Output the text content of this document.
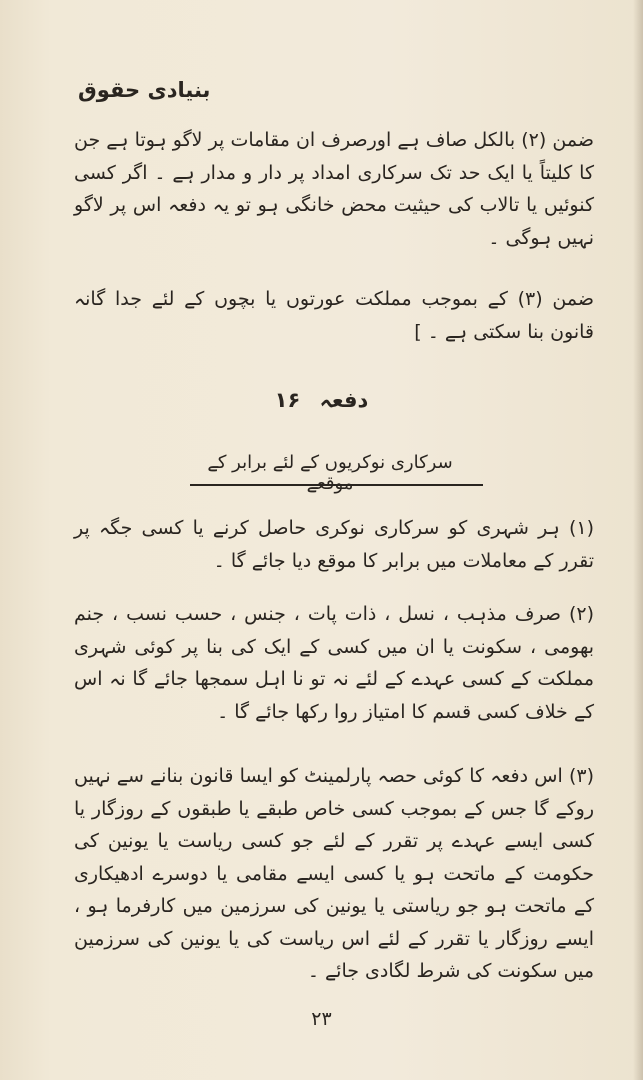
بنیادی حقوق

ضمن (۲) بالکل صاف ہے اورصرف ان مقامات پر لاگو ہوتا ہے جن کا کلیتاً یا ایک حد تک سرکاری امداد پر دار و مدار ہے ۔ اگر کسی کنوئیں یا تالاب کی حیثیت محض خانگی ہو تو یہ دفعہ اس پر لاگو نہیں ہوگی ۔

ضمن (۳) کے بموجب مملکت عورتوں یا بچوں کے لئے جدا گانہ قانون بنا سکتی ہے ۔ ]

دفعہ ۱۶
سرکاری نوکریوں کے لئے برابر کے موقعے

(۱) ہر شہری کو سرکاری نوکری حاصل کرنے یا کسی جگہ پر تقرر کے معاملات میں برابر کا موقع دیا جائے گا ۔

(۲) صرف مذہب ، نسل ، ذات پات ، جنس ، حسب نسب ، جنم بھومی ، سکونت یا ان میں کسی کے ایک کی بنا پر کوئی شہری مملکت کے کسی عہدے کے لئے نہ تو نا اہل سمجھا جائے گا نہ اس کے خلاف کسی قسم کا امتیاز روا رکھا جائے گا ۔

(۳) اس دفعہ کا کوئی حصہ پارلمینٹ کو ایسا قانون بنانے سے نہیں روکے گا جس کے بموجب کسی خاص طبقے یا طبقوں کے روزگار یا کسی ایسے عہدے پر تقرر کے لئے جو کسی ریاست یا یونین کی حکومت کے ماتحت ہو یا کسی ایسے مقامی یا دوسرے ادھیکاری کے ماتحت ہو جو ریاستی یا یونین کی سرزمین میں کارفرما ہو ، ایسے روزگار یا تقرر کے لئے اس ریاست کی یا یونین کی سرزمین میں سکونت کی شرط لگادی جائے ۔

۲۳
